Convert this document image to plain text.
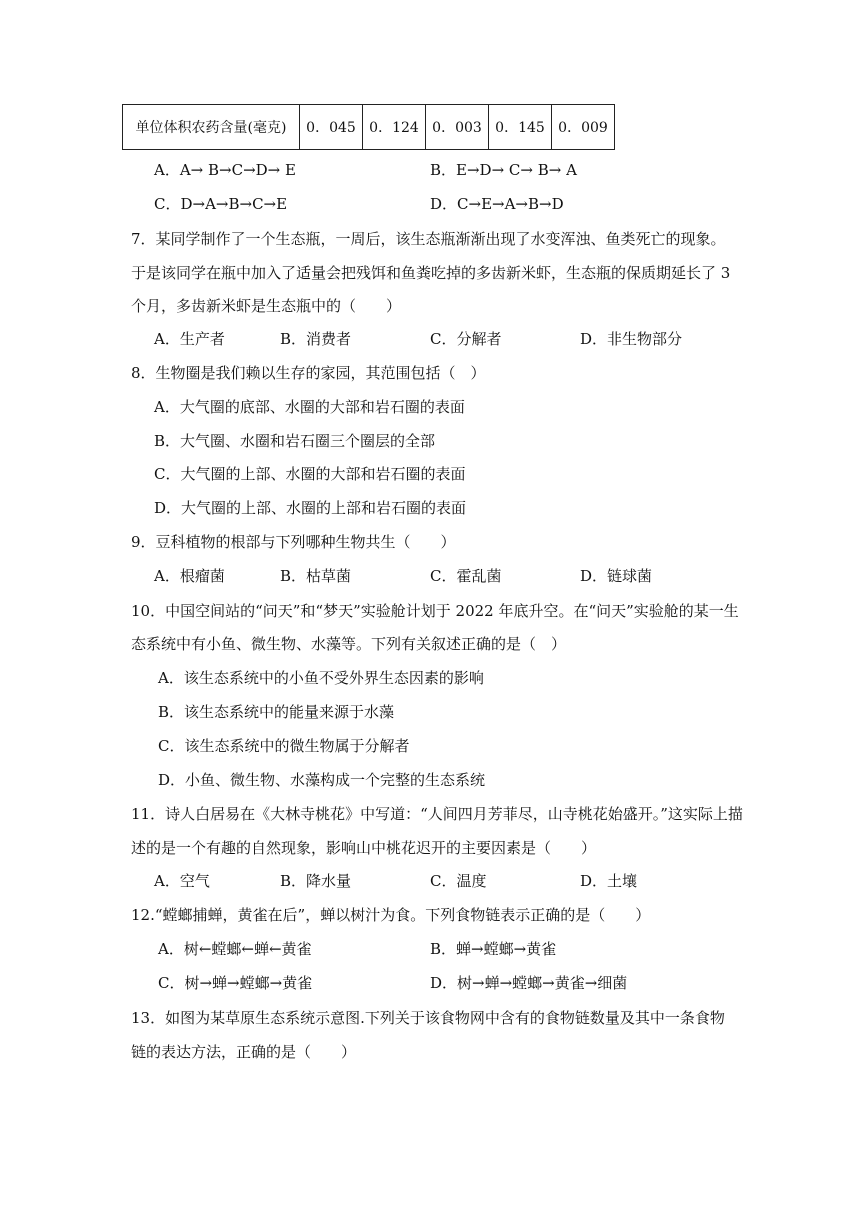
单位体积农药含量(毫克)	0．045	0．124	0．003	0．145	0．009
A．A→ B→C→D→ E	B．E→D→ C→ B→ A
C．D→A→B→C→E	D．C→E→A→B→D
7．某同学制作了一个生态瓶，一周后，该生态瓶渐渐出现了水变浑浊、鱼类死亡的现象。
于是该同学在瓶中加入了适量会把残饵和鱼粪吃掉的多齿新米虾，生态瓶的保质期延长了 3
个月，多齿新米虾是生态瓶中的（　　）
A．生产者	B．消费者	C．分解者	D．非生物部分
8．生物圈是我们赖以生存的家园，其范围包括（　）
A．大气圈的底部、水圈的大部和岩石圈的表面
B．大气圈、水圈和岩石圈三个圈层的全部
C．大气圈的上部、水圈的大部和岩石圈的表面
D．大气圈的上部、水圈的上部和岩石圈的表面
9．豆科植物的根部与下列哪种生物共生（　　）
A．根瘤菌	B．枯草菌	C．霍乱菌	D．链球菌
10．中国空间站的“问天”和“梦天”实验舱计划于 2022 年底升空。在“问天”实验舱的某一生
态系统中有小鱼、微生物、水藻等。下列有关叙述正确的是（　）
A．该生态系统中的小鱼不受外界生态因素的影响
B．该生态系统中的能量来源于水藻
C．该生态系统中的微生物属于分解者
D．小鱼、微生物、水藻构成一个完整的生态系统
11．诗人白居易在《大林寺桃花》中写道：“人间四月芳菲尽，山寺桃花始盛开。”这实际上描
述的是一个有趣的自然现象，影响山中桃花迟开的主要因素是（　　）
A．空气	B．降水量	C．温度	D．土壤
12.“螳螂捕蝉，黄雀在后”，蝉以树汁为食。下列食物链表示正确的是（　　）
A．树←螳螂←蝉←黄雀	B．蝉→螳螂→黄雀
C．树→蝉→螳螂→黄雀	D．树→蝉→螳螂→黄雀→细菌
13．如图为某草原生态系统示意图.下列关于该食物网中含有的食物链数量及其中一条食物
链的表达方法，正确的是（　　）
